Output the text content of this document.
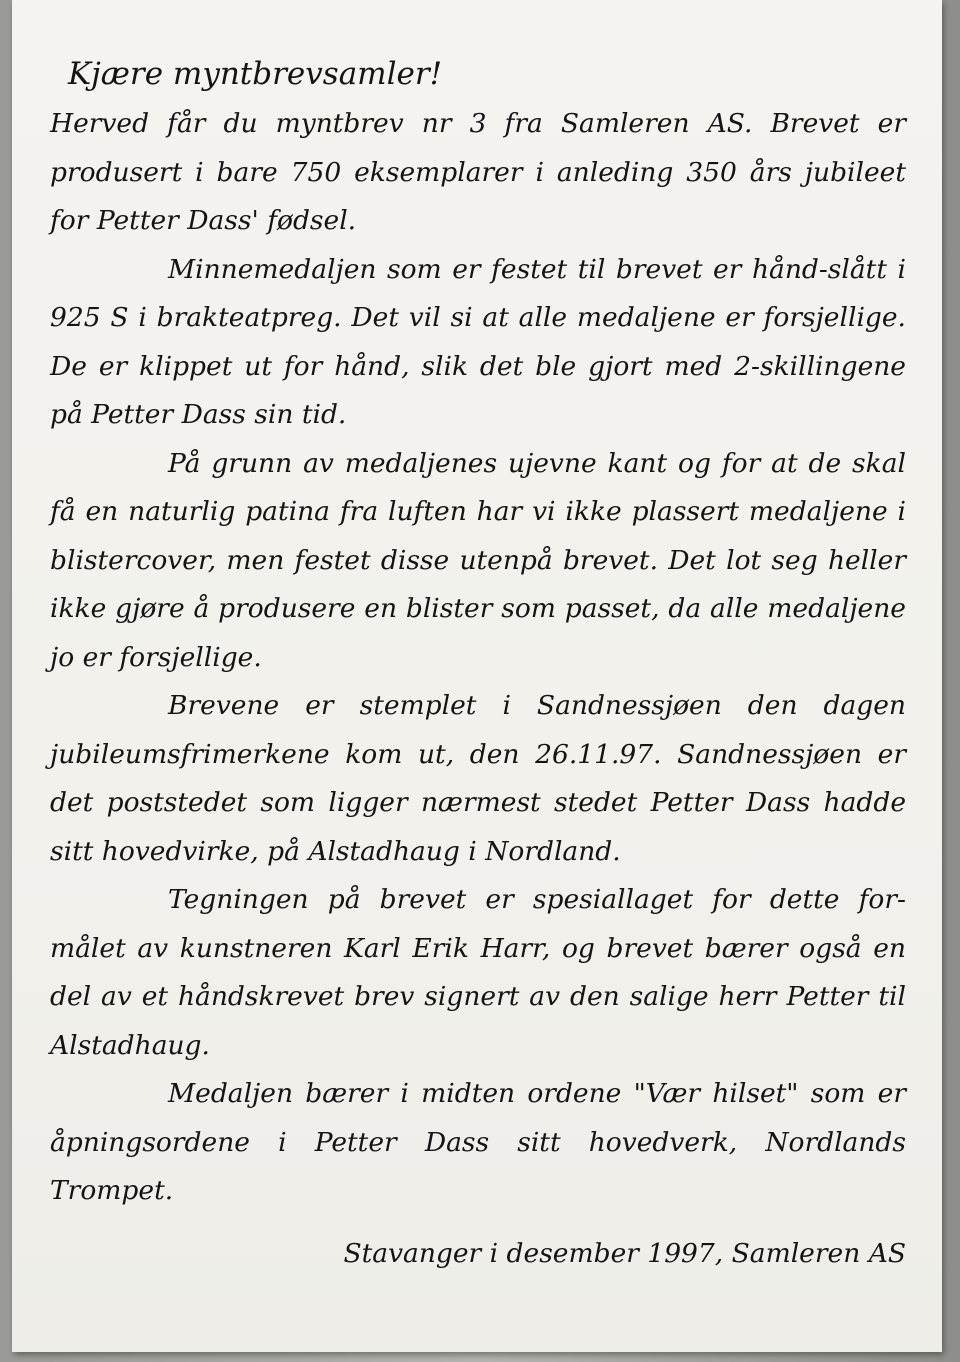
Kjære myntbrevsamler!

Herved får du myntbrev nr 3 fra Samleren AS. Brevet er produsert i bare 750 eksemplarer i anleding 350 års jubileet for Petter Dass' fødsel.

Minnemedaljen som er festet til brevet er hånd-slått i 925 S i brakteatpreg. Det vil si at alle medaljene er forsjellige. De er klippet ut for hånd, slik det ble gjort med 2-skillingene på Petter Dass sin tid.

På grunn av medaljenes ujevne kant og for at de skal få en naturlig patina fra luften har vi ikke plassert medaljene i blistercover, men festet disse utenpå brevet. Det lot seg heller ikke gjøre å produsere en blister som passet, da alle medaljene jo er forsjellige.

Brevene er stemplet i Sandnessjøen den dagen jubileumsfrimerkene kom ut, den 26.11.97. Sandnessjøen er det poststedet som ligger nærmest stedet Petter Dass hadde sitt hovedvirke, på Alstadhaug i Nordland.

Tegningen på brevet er spesiallaget for dette for-målet av kunstneren Karl Erik Harr, og brevet bærer også en del av et håndskrevet brev signert av den salige herr Petter til Alstadhaug.

Medaljen bærer i midten ordene "Vær hilset" som er åpningsordene i Petter Dass sitt hovedverk, Nordlands Trompet.

Stavanger i desember 1997, Samleren AS
